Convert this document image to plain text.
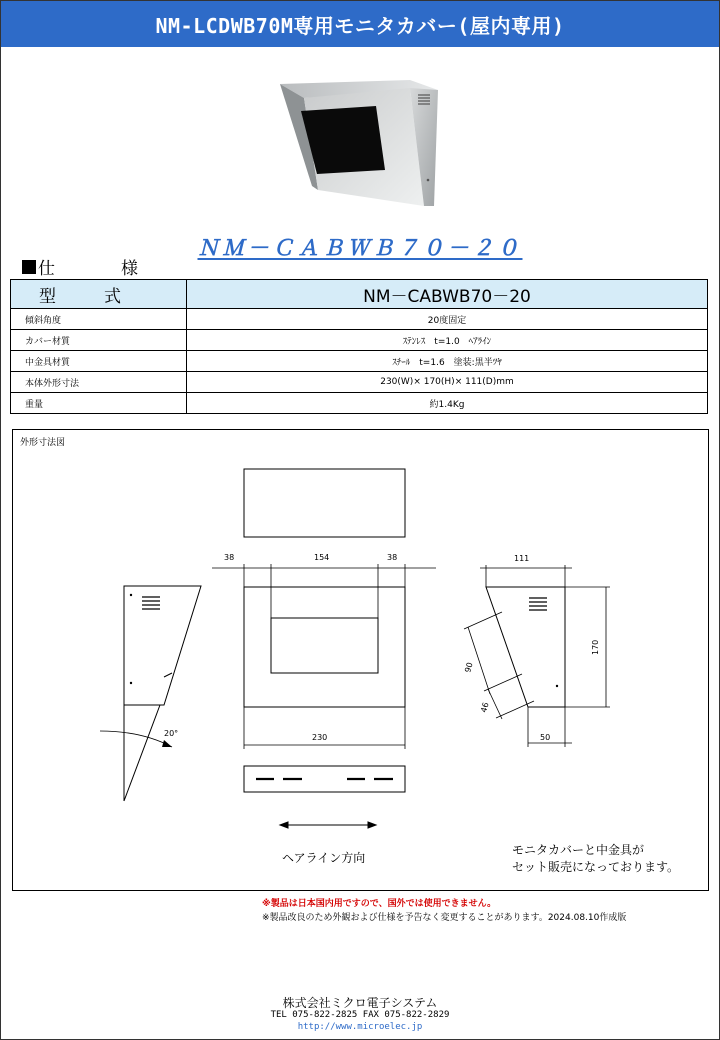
NM-LCDWB70M専用モニタカバー(屋内専用)
ＮＭ－ＣＡＢＷＢ７０－２０
仕	様
型 式	NM－CABWB70－20
傾斜角度	20度固定
カバー材質	ｽﾃﾝﾚｽ　t=1.0　ﾍｱﾗｲﾝ
中金具材質	ｽﾁｰﾙ　t=1.6　塗装:黒半ﾂﾔ
本体外形寸法	230(W)× 170(H)× 111(D)mm
重量	約1.4Kg
38	154	38
230
20°
111
170
90
46
50
外形寸法図
ヘアライン方向
モニタカバーと中金具が
セット販売になっております。
※製品は日本国内用ですので、国外では使用できません。
※製品改良のため外観および仕様を予告なく変更することがあります。2024.08.10作成版
株式会社ミクロ電子システム
TEL 075-822-2825 FAX 075-822-2829
http://www.microelec.jp
